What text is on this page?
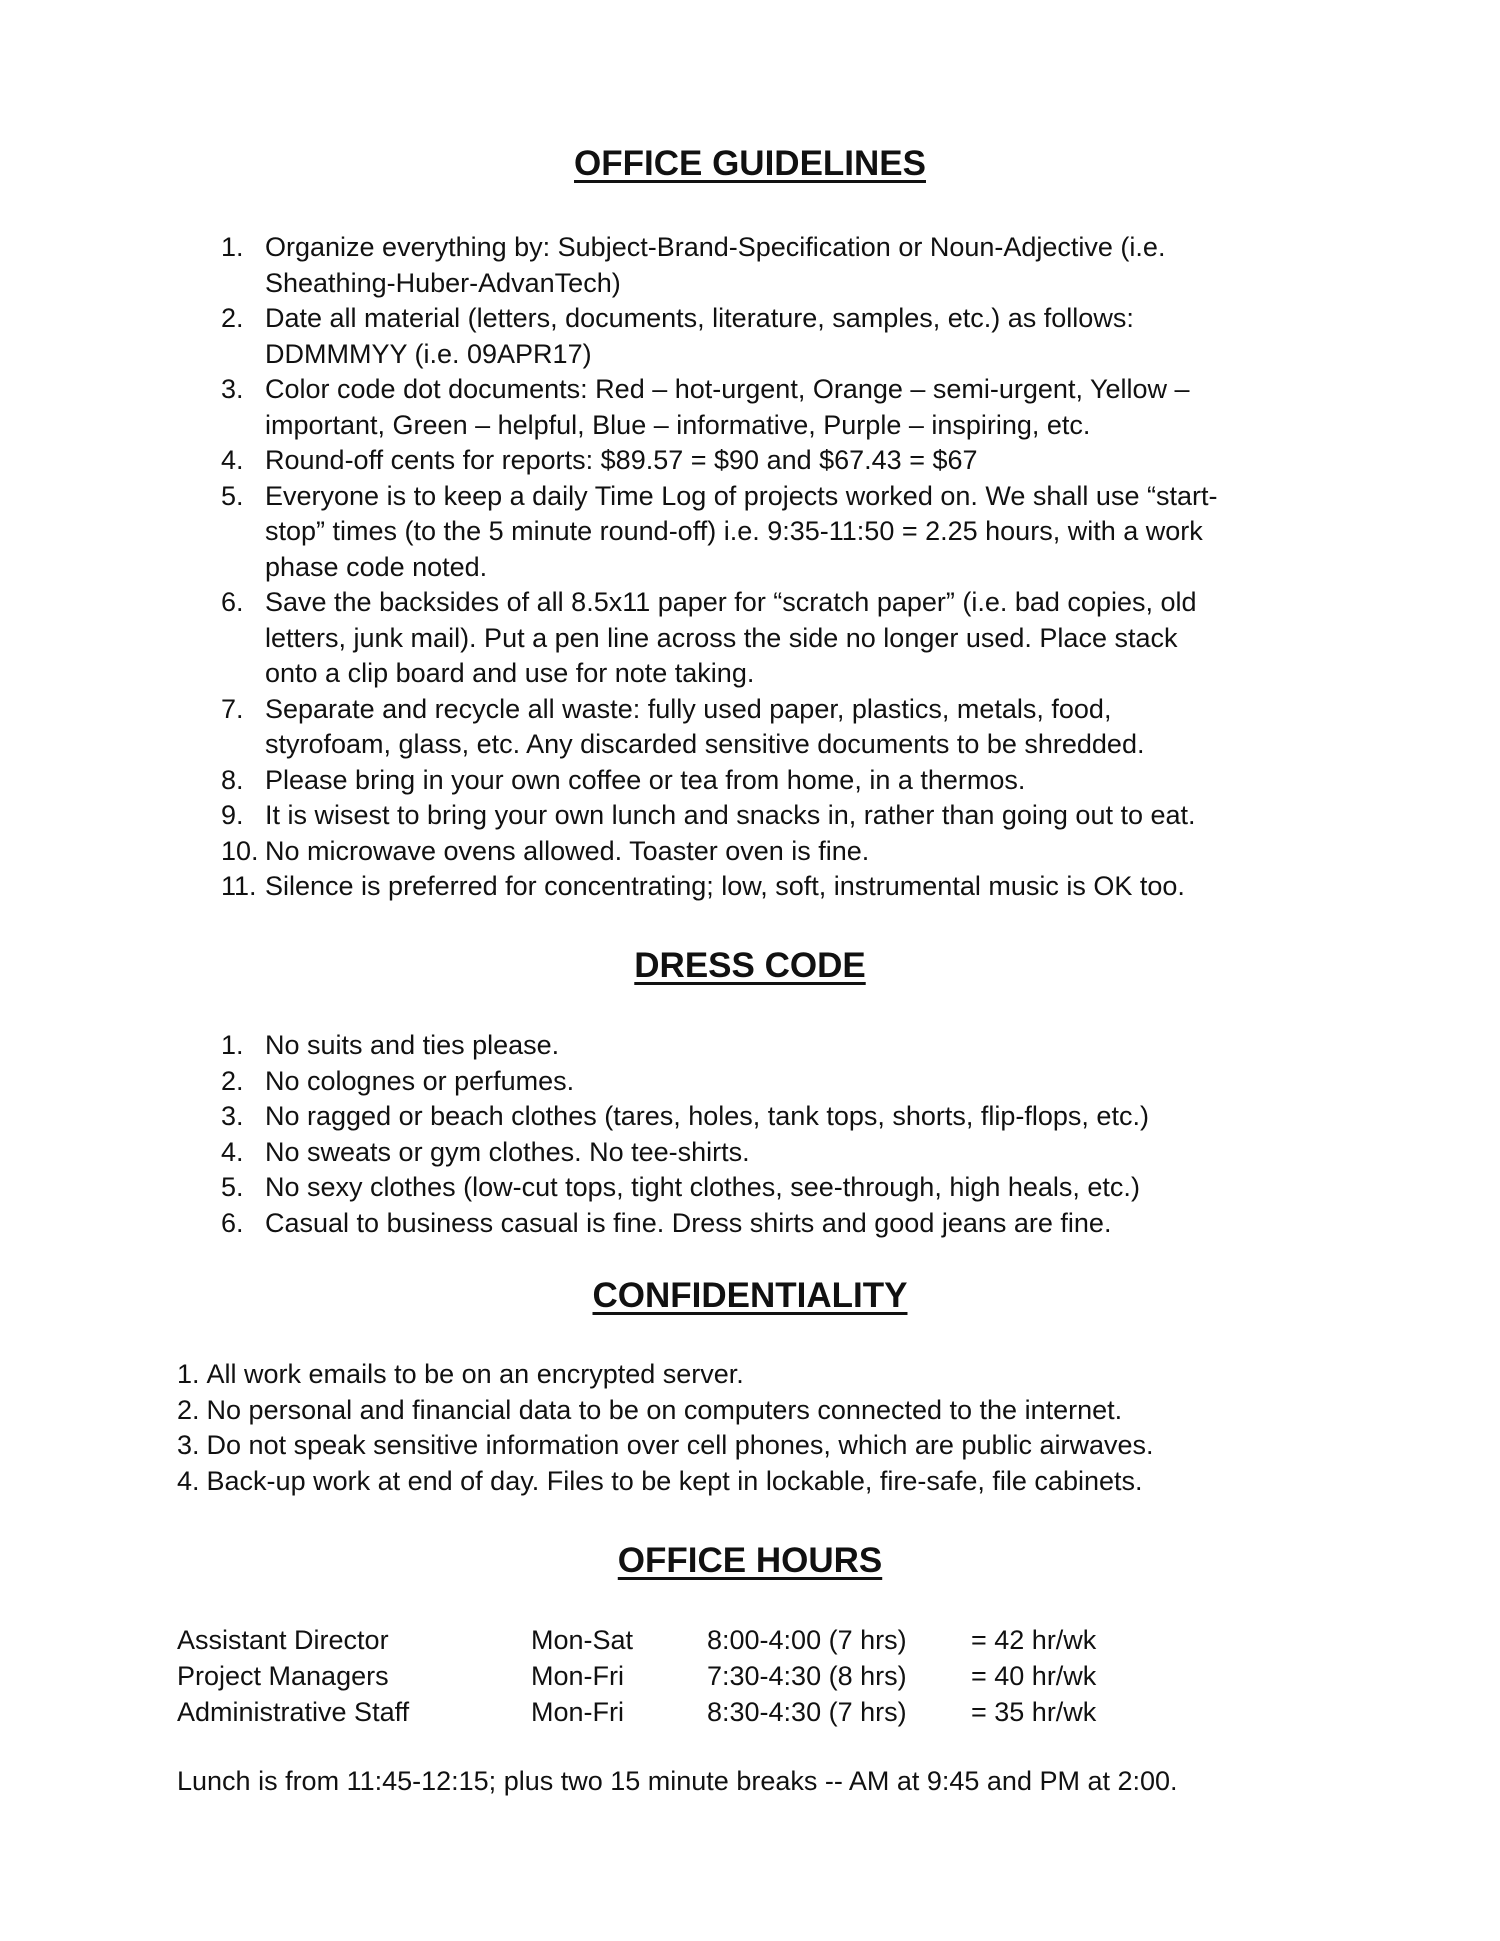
OFFICE GUIDELINES
1. Organize everything by: Subject-Brand-Specification or Noun-Adjective (i.e.
Sheathing-Huber-AdvanTech)
2. Date all material (letters, documents, literature, samples, etc.) as follows:
DDMMMYY (i.e. 09APR17)
3. Color code dot documents: Red – hot-urgent, Orange – semi-urgent, Yellow –
important, Green – helpful, Blue – informative, Purple – inspiring, etc.
4. Round-off cents for reports: $89.57 = $90 and $67.43 = $67
5. Everyone is to keep a daily Time Log of projects worked on. We shall use “start-
stop” times (to the 5 minute round-off) i.e. 9:35-11:50 = 2.25 hours, with a work
phase code noted.
6. Save the backsides of all 8.5x11 paper for “scratch paper” (i.e. bad copies, old
letters, junk mail). Put a pen line across the side no longer used. Place stack
onto a clip board and use for note taking.
7. Separate and recycle all waste: fully used paper, plastics, metals, food,
styrofoam, glass, etc. Any discarded sensitive documents to be shredded.
8. Please bring in your own coffee or tea from home, in a thermos.
9. It is wisest to bring your own lunch and snacks in, rather than going out to eat.
10. No microwave ovens allowed. Toaster oven is fine.
11. Silence is preferred for concentrating; low, soft, instrumental music is OK too.
DRESS CODE
1. No suits and ties please.
2. No colognes or perfumes.
3. No ragged or beach clothes (tares, holes, tank tops, shorts, flip-flops, etc.)
4. No sweats or gym clothes. No tee-shirts.
5. No sexy clothes (low-cut tops, tight clothes, see-through, high heals, etc.)
6. Casual to business casual is fine. Dress shirts and good jeans are fine.
CONFIDENTIALITY
1. All work emails to be on an encrypted server.
2. No personal and financial data to be on computers connected to the internet.
3. Do not speak sensitive information over cell phones, which are public airwaves.
4. Back-up work at end of day. Files to be kept in lockable, fire-safe, file cabinets.
OFFICE HOURS
Assistant Director	Mon-Sat	8:00-4:00 (7 hrs) = 42 hr/wk
Project Managers	Mon-Fri	7:30-4:30 (8 hrs) = 40 hr/wk
Administrative Staff	Mon-Fri	8:30-4:30 (7 hrs) = 35 hr/wk
Lunch is from 11:45-12:15; plus two 15 minute breaks -- AM at 9:45 and PM at 2:00.
